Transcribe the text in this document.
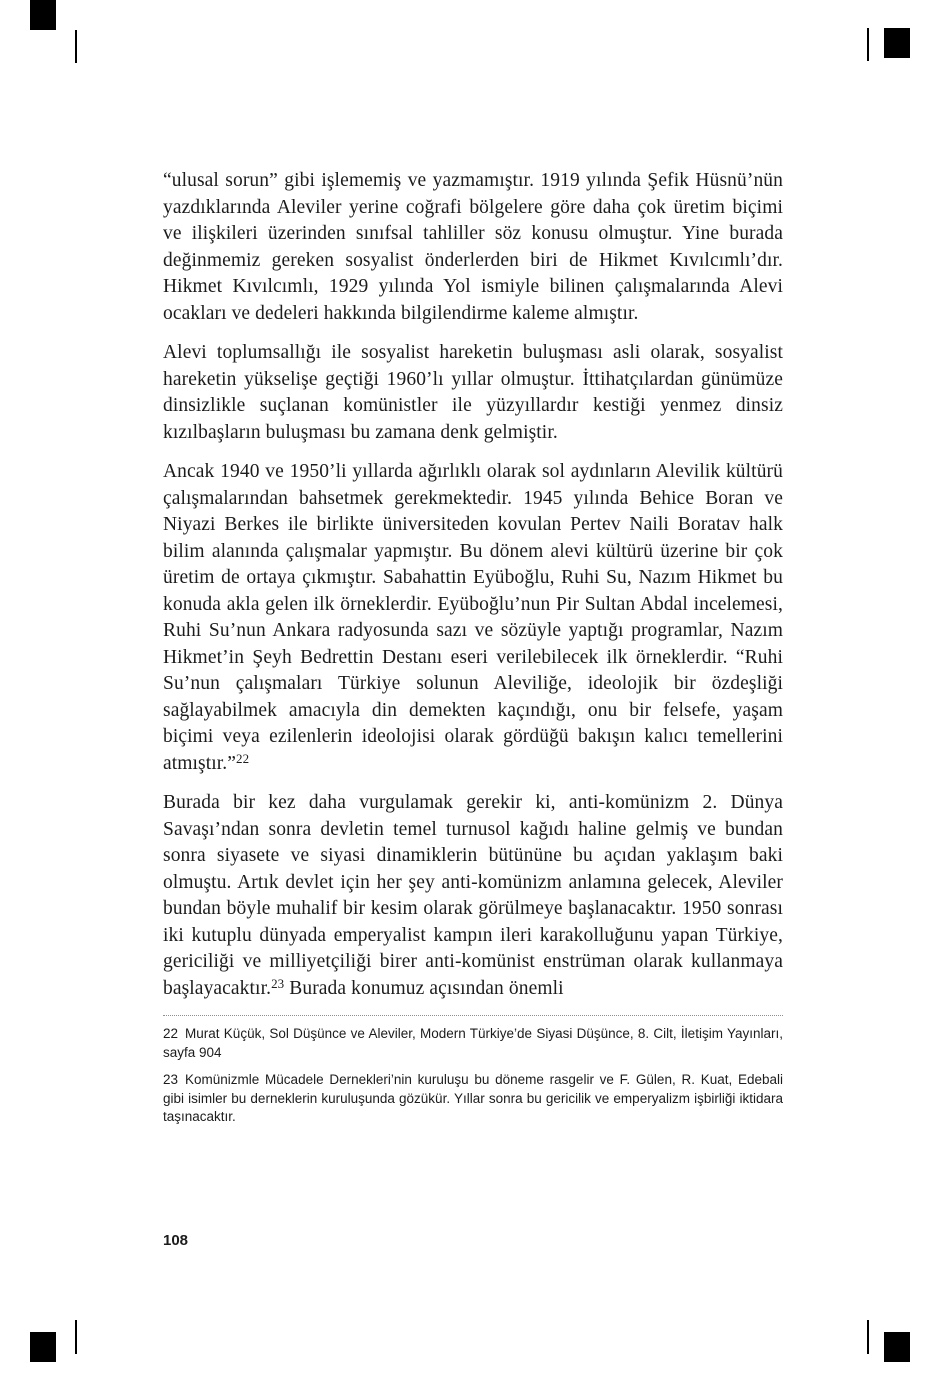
“ulusal sorun” gibi işlememiş ve yazmamıştır. 1919 yılında Şefik Hüsnü’nün yazdıklarında Aleviler yerine coğrafi bölgelere göre daha çok üretim biçimi ve ilişkileri üzerinden sınıfsal tahliller söz konusu olmuştur. Yine burada değinmemiz gereken sosyalist önderlerden biri de Hikmet Kıvılcımlı’dır. Hikmet Kıvılcımlı, 1929 yılında Yol ismiyle bilinen çalışmalarında Alevi ocakları ve dedeleri hakkında bilgilendirme kaleme almıştır.

Alevi toplumsallığı ile sosyalist hareketin buluşması asli olarak, sosyalist hareketin yükselişe geçtiği 1960’lı yıllar olmuştur. İttihatçılardan günümüze dinsizlikle suçlanan komünistler ile yüzyıllardır kestiği yenmez dinsiz kızılbaşların buluşması bu zamana denk gelmiştir.

Ancak 1940 ve 1950’li yıllarda ağırlıklı olarak sol aydınların Alevilik kültürü çalışmalarından bahsetmek gerekmektedir. 1945 yılında Behice Boran ve Niyazi Berkes ile birlikte üniversiteden kovulan Pertev Naili Boratav halk bilim alanında çalışmalar yapmıştır. Bu dönem alevi kültürü üzerine bir çok üretim de ortaya çıkmıştır. Sabahattin Eyüboğlu, Ruhi Su, Nazım Hikmet bu konuda akla gelen ilk örneklerdir. Eyüboğlu’nun Pir Sultan Abdal incelemesi, Ruhi Su’nun Ankara radyosunda sazı ve sözüyle yaptığı programlar, Nazım Hikmet’in Şeyh Bedrettin Destanı eseri verilebilecek ilk örneklerdir. “Ruhi Su’nun çalışmaları Türkiye solunun Aleviliğe, ideolojik bir özdeşliği sağlayabilmek amacıyla din demekten kaçındığı, onu bir felsefe, yaşam biçimi veya ezilenlerin ideolojisi olarak gördüğü bakışın kalıcı temellerini atmıştır.”$^{22}$

Burada bir kez daha vurgulamak gerekir ki, anti-komünizm 2. Dünya Savaşı’ndan sonra devletin temel turnusol kağıdı haline gelmiş ve bundan sonra siyasete ve siyasi dinamiklerin bütününe bu açıdan yaklaşım baki olmuştu. Artık devlet için her şey anti-komünizm anlamına gelecek, Aleviler bundan böyle muhalif bir kesim olarak görülmeye başlanacaktır. 1950 sonrası iki kutuplu dünyada emperyalist kampın ileri karakolluğunu yapan Türkiye, gericiliği ve milliyetçiliği birer anti-komünist enstrüman olarak kullanmaya başlayacaktır.$^{23}$ Burada konumuz açısından önemli

22 Murat Küçük, Sol Düşünce ve Aleviler, Modern Türkiye’de Siyasi Düşünce, 8. Cilt, İletişim Yayınları, sayfa 904

23 Komünizmle Mücadele Dernekleri’nin kuruluşu bu döneme rasgelir ve F. Gülen, R. Kuat, Edebali gibi isimler bu derneklerin kuruluşunda gözükür. Yıllar sonra bu gericilik ve emperyalizm işbirliği iktidara taşınacaktır.

108
